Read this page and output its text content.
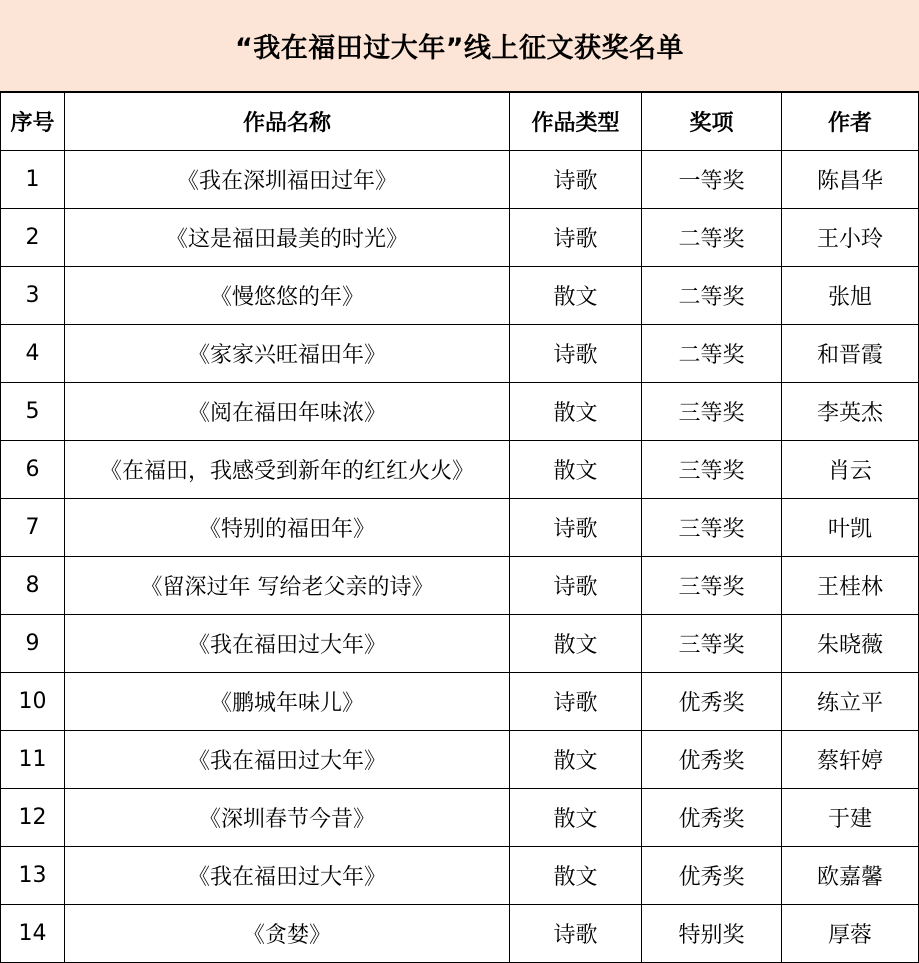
“我在福田过大年”线上征文获奖名单
序号	作品名称	作品类型	奖项	作者
1	《我在深圳福田过年》	诗歌	一等奖	陈昌华
2	《这是福田最美的时光》	诗歌	二等奖	王小玲
3	《慢悠悠的年》	散文	二等奖	张旭
4	《家家兴旺福田年》	诗歌	二等奖	和晋霞
5	《阅在福田年味浓》	散文	三等奖	李英杰
6	《在福田，我感受到新年的红红火火》	散文	三等奖	肖云
7	《特别的福田年》	诗歌	三等奖	叶凯
8	《留深过年 写给老父亲的诗》	诗歌	三等奖	王桂林
9	《我在福田过大年》	散文	三等奖	朱晓薇
10	《鹏城年味儿》	诗歌	优秀奖	练立平
11	《我在福田过大年》	散文	优秀奖	蔡轩婷
12	《深圳春节今昔》	散文	优秀奖	于建
13	《我在福田过大年》	散文	优秀奖	欧嘉馨
14	《贪婪》	诗歌	特别奖	厚蓉
